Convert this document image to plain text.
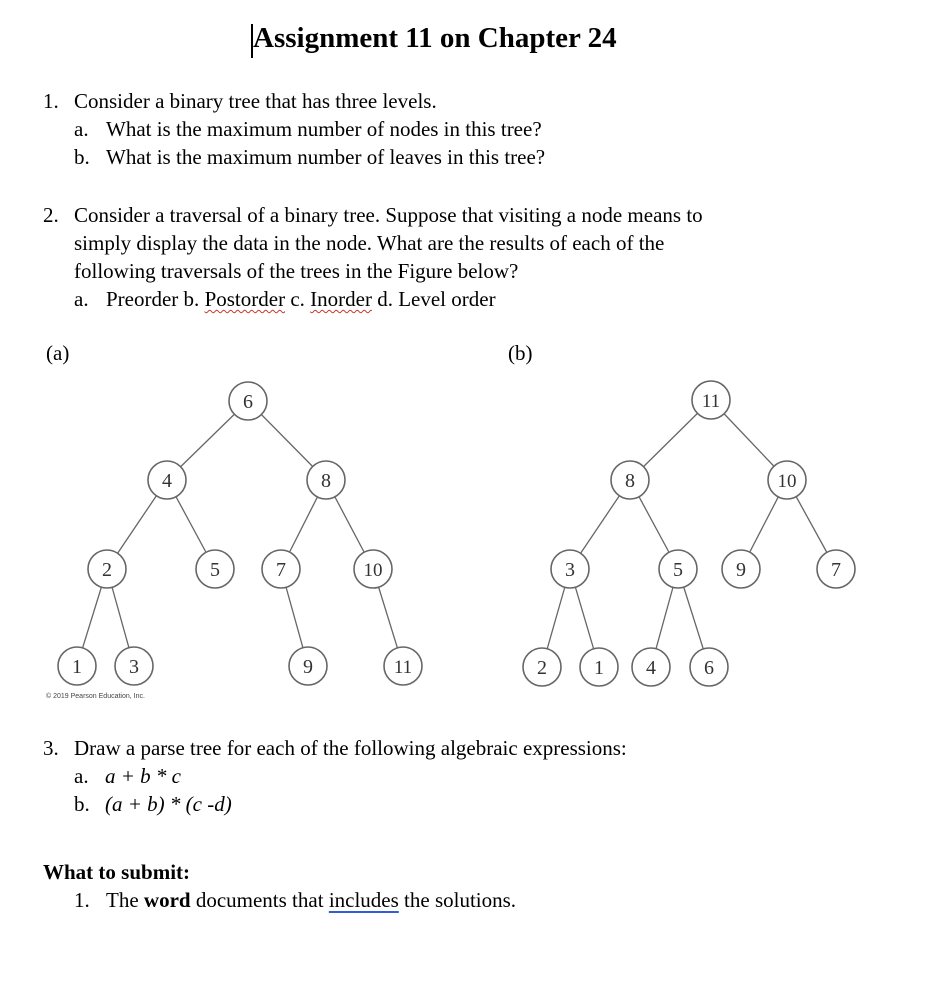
Assignment 11 on Chapter 24
1. Consider a binary tree that has three levels.
a. What is the maximum number of nodes in this tree?
b. What is the maximum number of leaves in this tree?
2. Consider a traversal of a binary tree. Suppose that visiting a node means to
simply display the data in the node. What are the results of each of the
following traversals of the trees in the Figure below?
a. Preorder b. Postorder c. Inorder d. Level order
(a)	(b)
6
4	8
2	5	7	10
1 3	9	11
11
8	10
3	5	9	7
2 1 4 6
© 2019 Pearson Education, Inc.
3. Draw a parse tree for each of the following algebraic expressions:
a. a + b * c
b. (a + b) * (c -d)
What to submit:
1. The word documents that includes the solutions.
